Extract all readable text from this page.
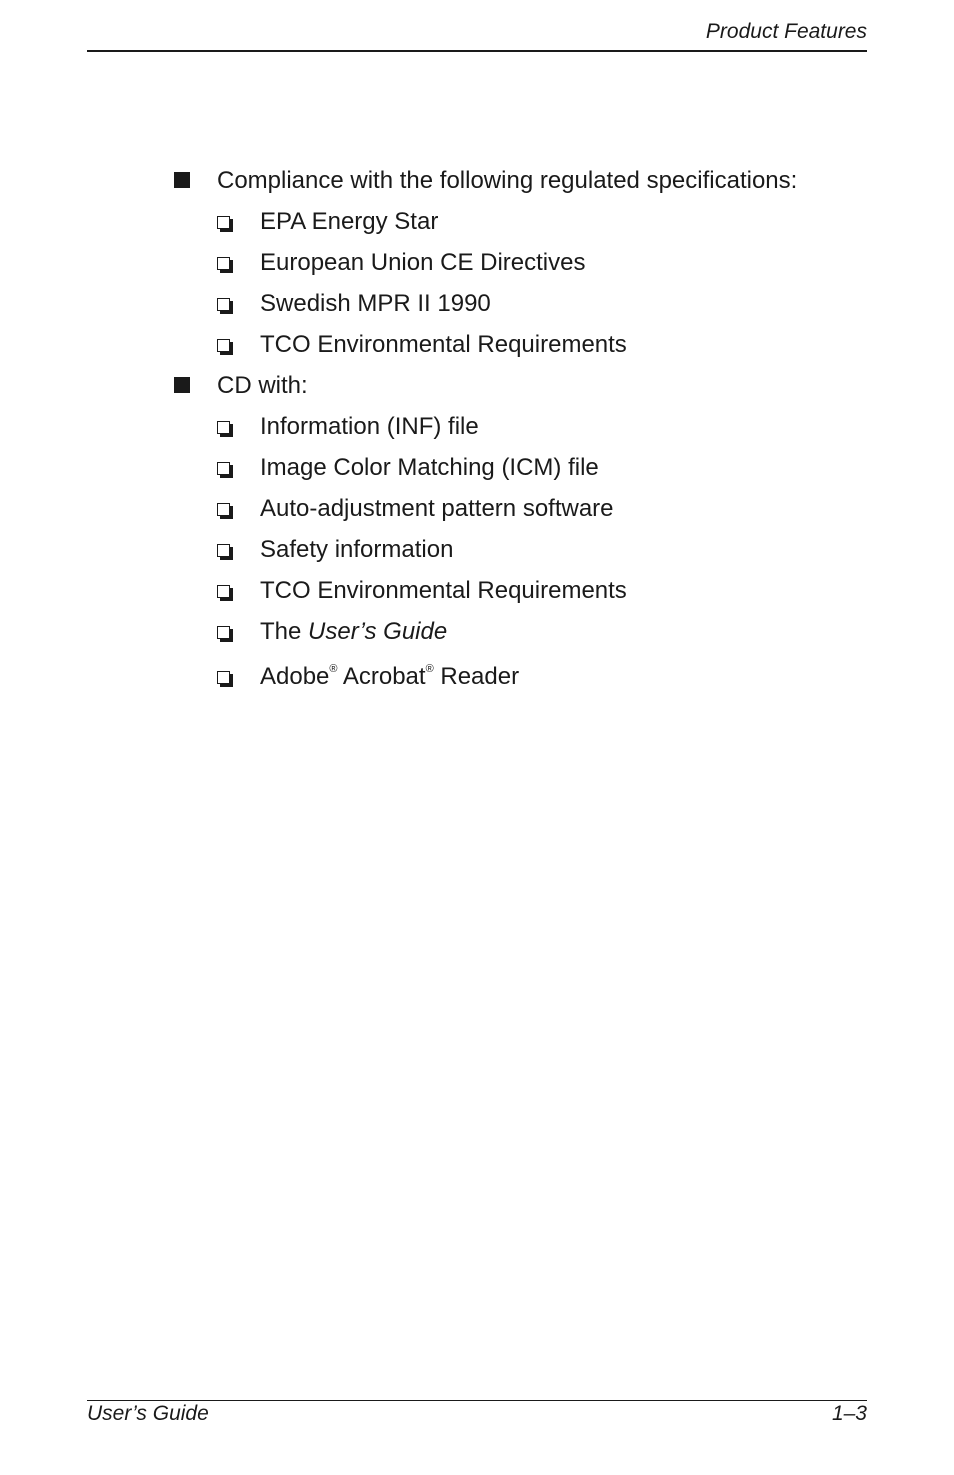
Product Features
Compliance with the following regulated specifications:
EPA Energy Star
European Union CE Directives
Swedish MPR II 1990
TCO Environmental Requirements
CD with:
Information (INF) file
Image Color Matching (ICM) file
Auto-adjustment pattern software
Safety information
TCO Environmental Requirements
The User’s Guide
Adobe® Acrobat® Reader
User’s Guide	1–3
